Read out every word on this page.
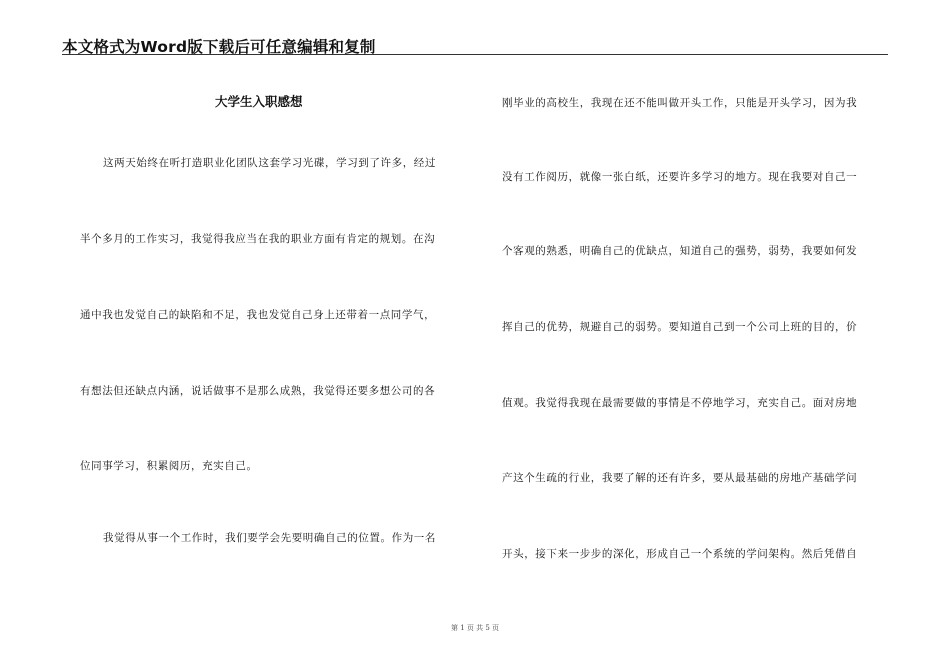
本文格式为Word版下载后可任意编辑和复制
大学生入职感想
这两天始终在听打造职业化团队这套学习光碟，学习到了许多，经过
半个多月的工作实习，我觉得我应当在我的职业方面有肯定的规划。在沟
通中我也发觉自己的缺陷和不足，我也发觉自己身上还带着一点同学气，
有想法但还缺点内涵，说话做事不是那么成熟，我觉得还要多想公司的各
位同事学习，积累阅历，充实自己。
我觉得从事一个工作时，我们要学会先要明确自己的位置。作为一名
刚毕业的高校生，我现在还不能叫做开头工作，只能是开头学习，因为我
没有工作阅历，就像一张白纸，还要许多学习的地方。现在我要对自己一
个客观的熟悉，明确自己的优缺点，知道自己的强势，弱势，我要如何发
挥自己的优势，规避自己的弱势。要知道自己到一个公司上班的目的，价
值观。我觉得我现在最需要做的事情是不停地学习，充实自己。面对房地
产这个生疏的行业，我要了解的还有许多，要从最基础的房地产基础学问
开头，接下来一步步的深化，形成自己一个系统的学问架构。然后凭借自
第 1 页 共 5 页
